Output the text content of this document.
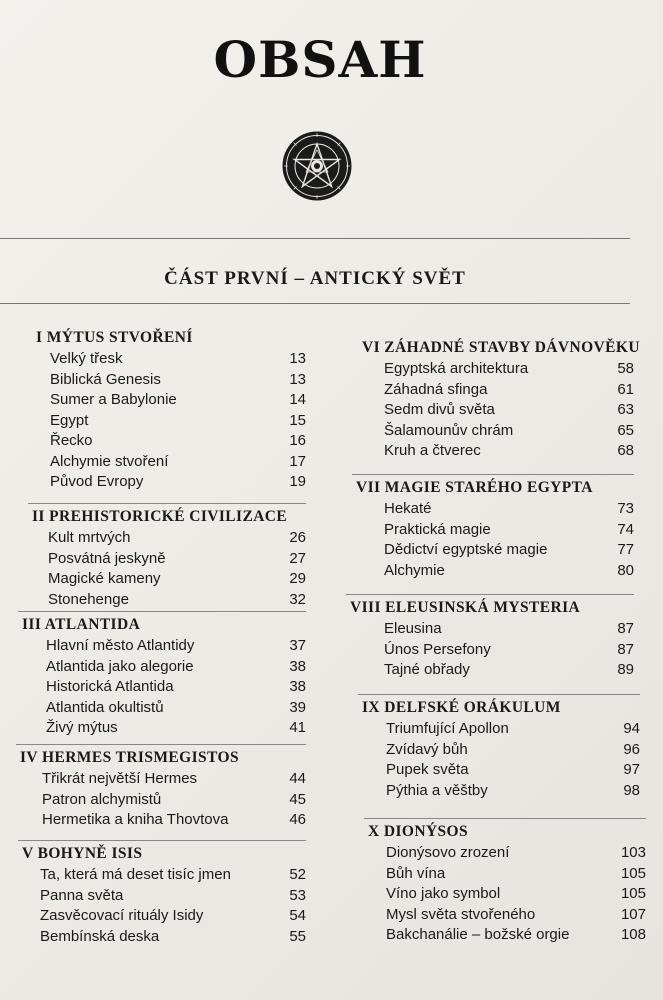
OBSAH
ČÁST PRVNÍ – ANTICKÝ SVĚT
I MÝTUS STVOŘENÍ
Velký třesk	13
Biblická Genesis	13
Sumer a Babylonie	14
Egypt	15
Řecko	16
Alchymie stvoření	17
Původ Evropy	19
II PREHISTORICKÉ CIVILIZACE
Kult mrtvých	26
Posvátná jeskyně	27
Magické kameny	29
Stonehenge	32
III ATLANTIDA
Hlavní město Atlantidy	37
Atlantida jako alegorie	38
Historická Atlantida	38
Atlantida okultistů	39
Živý mýtus	41
IV HERMES TRISMEGISTOS
Třikrát největší Hermes	44
Patron alchymistů	45
Hermetika a kniha Thovtova	46
V BOHYNĚ ISIS
Ta, která má deset tisíc jmen	52
Panna světa	53
Zasvěcovací rituály Isidy	54
Bembínská deska	55
VI ZÁHADNÉ STAVBY DÁVNOVĚKU
Egyptská architektura	58
Záhadná sfinga	61
Sedm divů světa	63
Šalamounův chrám	65
Kruh a čtverec	68
VII MAGIE STARÉHO EGYPTA
Hekaté	73
Praktická magie	74
Dědictví egyptské magie	77
Alchymie	80
VIII ELEUSINSKÁ MYSTERIA
Eleusina	87
Únos Persefony	87
Tajné obřady	89
IX DELFSKÉ ORÁKULUM
Triumfující Apollon	94
Zvídavý bůh	96
Pupek světa	97
Pýthia a věštby	98
X DIONÝSOS
Dionýsovo zrození	103
Bůh vína	105
Víno jako symbol	105
Mysl světa stvořeného	107
Bakchanálie – božské orgie	108
